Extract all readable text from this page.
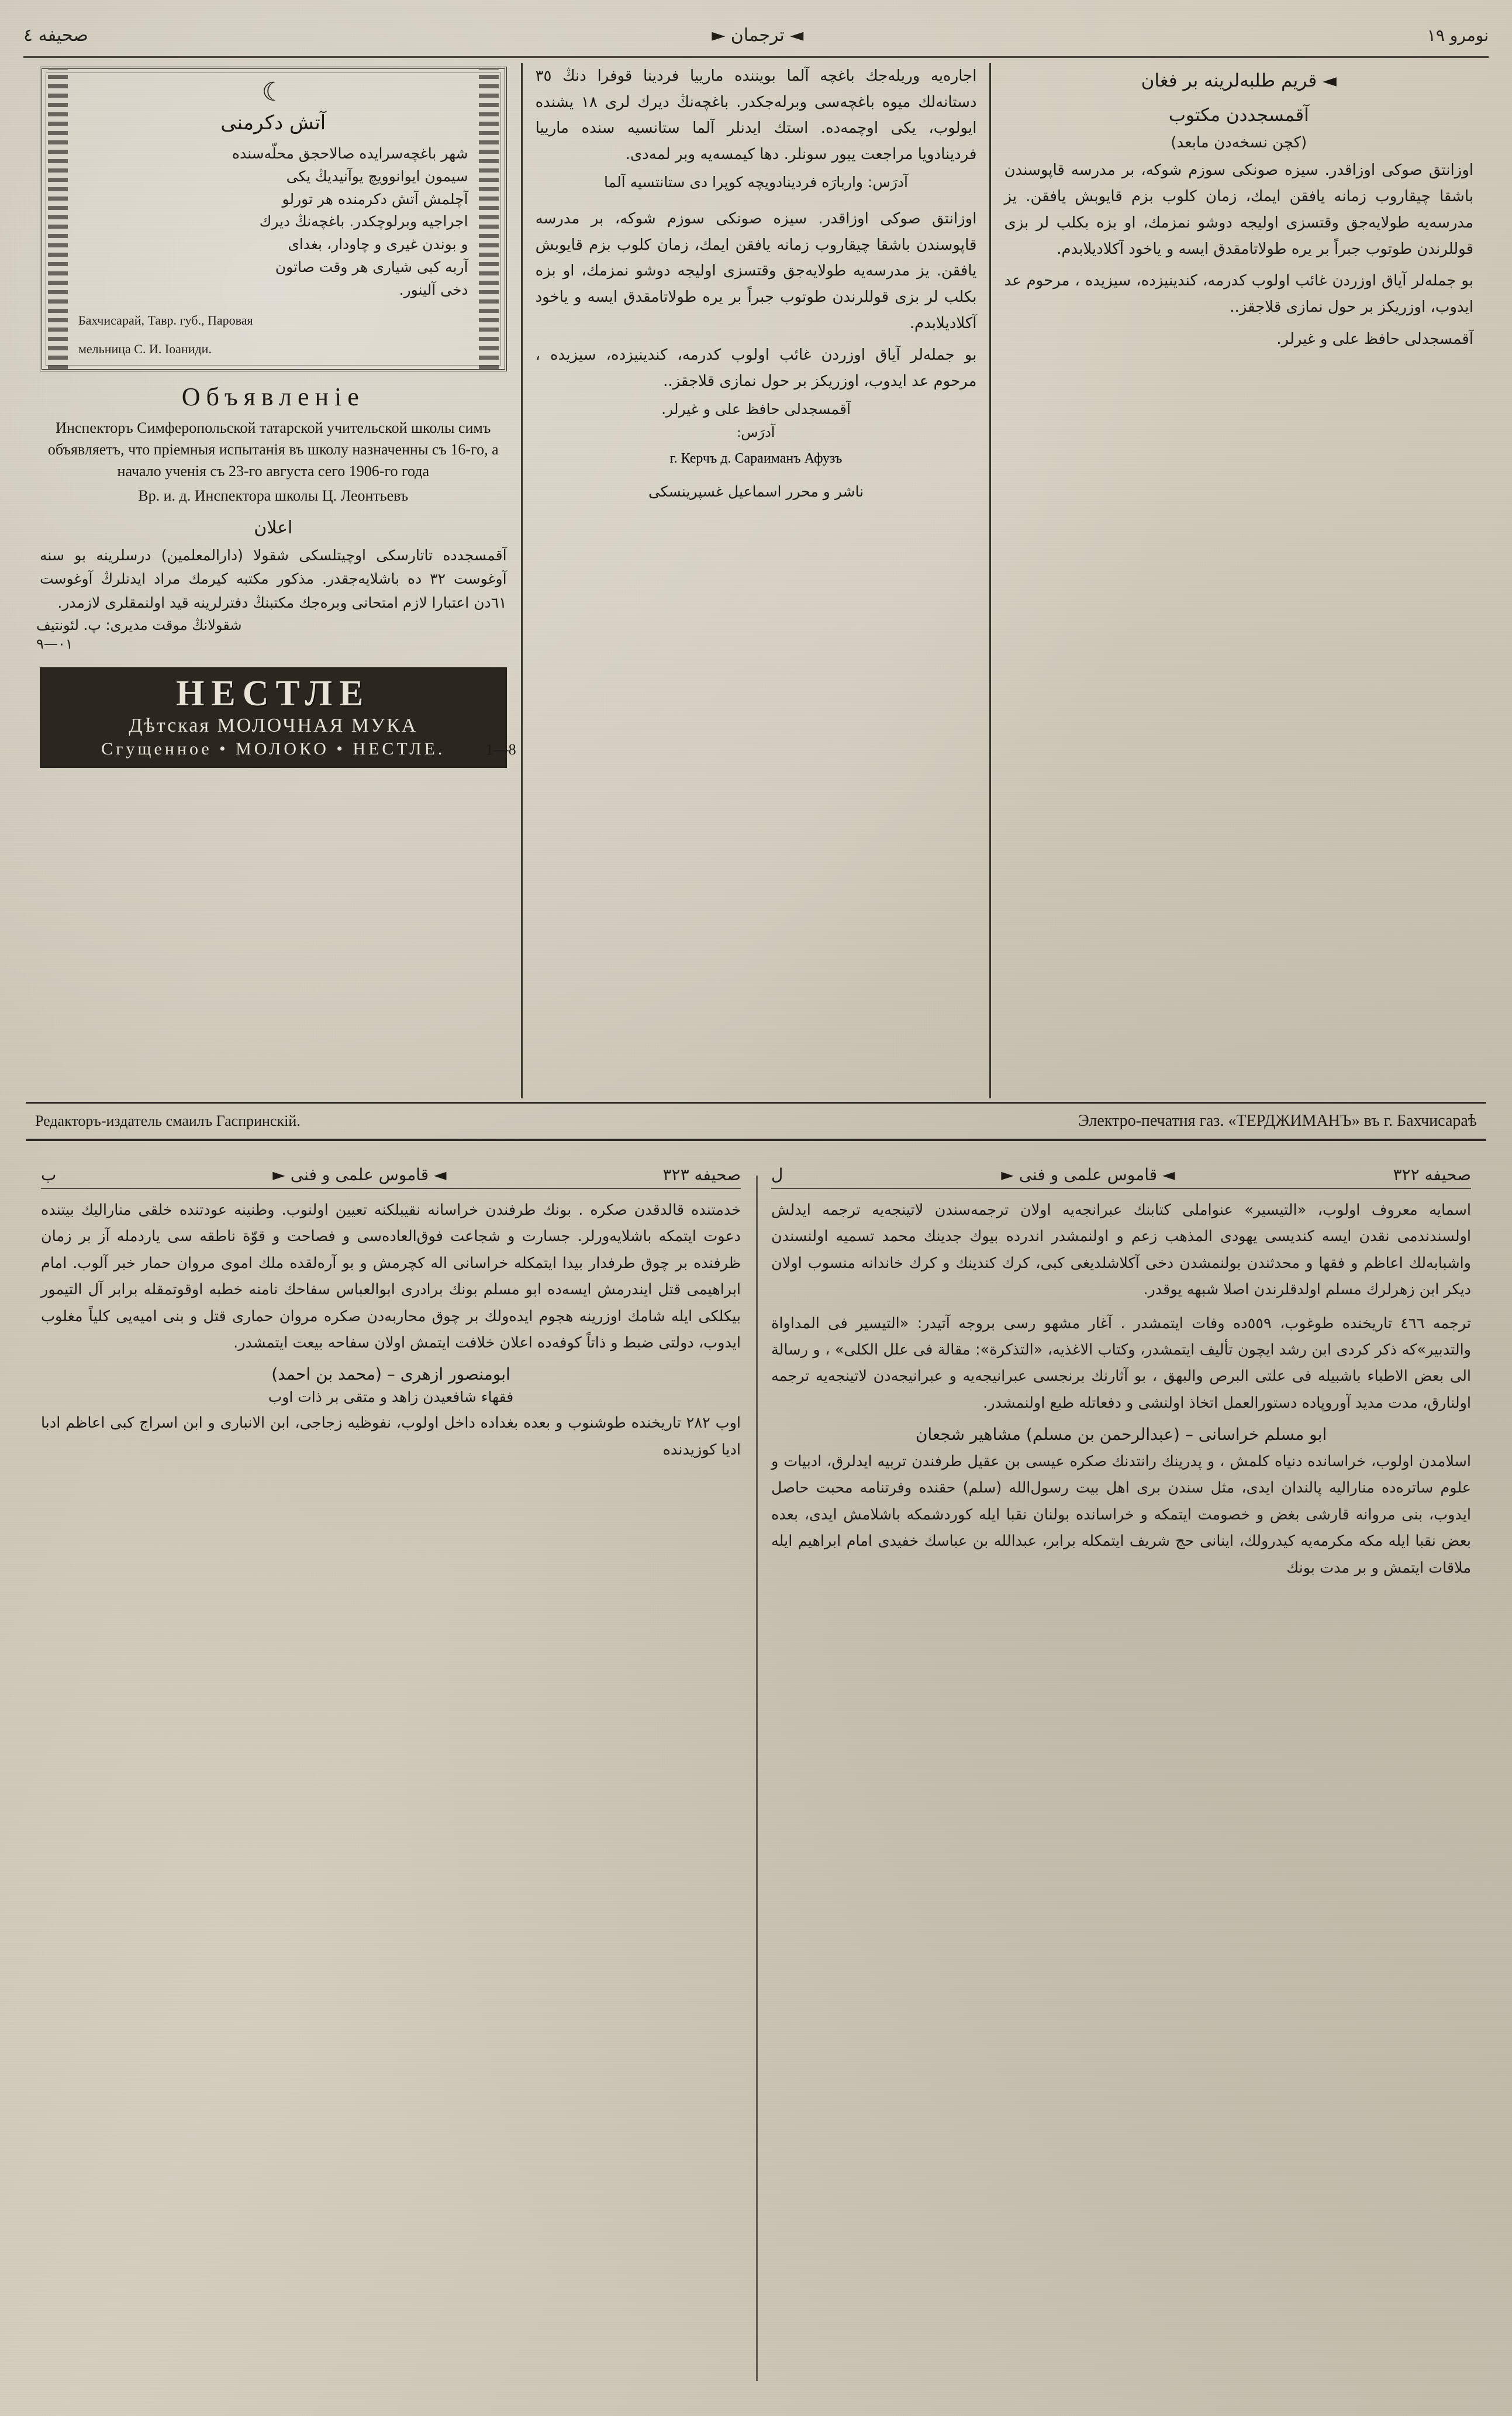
نومرو ٩١
◄ ترجمان ►
صحيفه ٤
☾
آتش دكرمنى
شهر باغچه‌سرايده صالاحجق محلّه‌سنده
سيمون ايوانوويچ يوآنيديڭ يكى
آچلمش آتش دكرمنده هر تورلو
اجراجيه وبرلوچكدر. باغچه‌نڭ دیرك
و بوندن غيرى و چاودار، بغداى
آربه كبى شيارى هر وقت صاتون
دخى آلينور.
Бахчисарай, Тавр. губ., Паровая
мельница С. И. Іоаниди.
Объявленіе
Инспекторъ Симферопольской татарской учительской школы симъ объявляетъ, что пріемныя испытанія въ школу назначенны съ 16-го, а начало ученія съ 23-го августа сего 1906-го года
Вр. и. д. Инспектора школы Ц. Леонтьевъ
اعلان
آقمسجدده تاتارسكى اوچيتلسكى شقولا (دارالمعلمين) درسلرينه بو سنه آوغوست ٢٣ ده باشلايه‌جقدر. مذكور مكتبه كيرمك مراد ايدنلرڭ آوغوست ١٦دن اعتبارا لازم امتحانى وبره‌جك مكتبنڭ دفترلرينه قيد اولنمقلرى لازمدر.
شقولانڭ موقت مديرى: پ. لئونتيف
١٠—٩
НЕСТЛЕ
Дѣтская МОЛОЧНАЯ МУКА
Сгущенное • МОЛОКО • НЕСТЛЕ.	1—8

اجاره‌يه وريله‌جك باغچه آلما بويننده مارييا فردينا قوفرا دنڭ ٣٥ دستانه‌لك ميوه باغچه‌سى وبرله‌جكدر. باغچه‌نڭ ديرك لرى ١٨ يشنده ايولوب، يكى اوچمه‌ده. استك ايدنلر آلما ستانسيه سنده مارييا فردينادويا مراجعت يبور سونلر. دها كيمسه‌يه وبر لمه‌دى.

آدرَس: واربارَه فردينادويچه كوپرا دى ستانتسيه آلما

اوزانتق صوكى اوزاقدر. سيزه صونكى سوزم شوكه، بر مدرسه قاپوسندن باشقا چيقاروب زمانه يافقن ايمك، زمان كلوب بزم قايوبش يافقن. يز مدرسه‌يه طولايه‌جق وقتسزى اوليجه دوشو نمزمك، او بزه بكلب لر بزى قوللرندن طوتوب جبراً بر يره طولاتامقدق ايسه و يا‌خود آكلاديلابدم.

بو جمله‌لر آياق اوزردن غائب اولوب كدرمه، كندينيزده، سيزيده ، مرحوم عد ايدوب، اوزريكز بر حول نمازى قلاجقز..

آقمسجدلى حافظ على و غيرلر.
آدرَس:
г. Керчъ д. Сараиманъ Афузъ
ناشر و محرر اسماعيل غسپرينسكى
◄ قريم طلبه‌لرينه بر فغان
آقمسجددن مكتوب
(كچن نسخه‌دن مابعد)

اوزانتق صوكى اوزاقدر. سيزه صونكى سوزم شوكه، بر مدرسه قاپوسندن باشقا چيقاروب زمانه يافقن ايمك، زمان كلوب بزم قايوبش يافقن. يز مدرسه‌يه طولايه‌جق وقتسزى اوليجه دوشو نمزمك، او بزه بكلب لر بزى قوللرندن طوتوب جبراً بر يره طولاتامقدق ايسه و يا‌خود آكلاديلابدم.

بو جمله‌لر آياق اوزردن غائب اولوب كدرمه، كندينيزده، سيزيده ، مرحوم عد ايدوب، اوزريكز بر حول نمازى قلاجقز..

آقمسجدلى حافظ على و غيرلر.

Редакторъ-издатель смаилъ Гаспринскій.	Электро-печатня газ. «ТЕРДЖИМАНЪ» въ г. Бахчисараѣ
صحيفه ٣٢٣
◄ قاموس علمى و فنى ►
ب

خدمتنده قالدقدن صكره . بونك طرفندن خراسانه نقيبلكنه تعيين اولنوب. وطنينه عودتنده خلقى مناراليك بيتنده دعوت ايتمكه باشلايه‌ورلر. جسارت و شجاعت فوق‌العاده‌سى و فصاحت و قوّة ناطقه سى ياردمله آز بر زمان ظرفنده بر چوق طرفدار بيدا ايتمكله خراسانى اله كچرمش و بو آره‌لقده ملك اموى مروان حمار خبر آلوب. امام ابراهيمى قتل ايندرمش ايسه‌ده ابو مسلم بونك برادرى ابوالعباس سفاحك نامنه خطبه اوقوتمقله برابر آل التيمور بيكلكى ايله شامك اوزرينه هجوم ايده‌ولك بر چوق محاربه‌دن صكره مروان حمارى قتل و بنى اميه‌يى كلياً مغلوب ايدوب، دولتى ضبط و ذاتاً كوفه‌ده اعلان خلافت ايتمش اولان سفاحه بيعت ايتمشدر.

ابومنصور ازهرى – (محمد بن احمد)
فقهاء شافعيدن زاهد و متقى بر ذات اوب

اوب ٢٨٢ تاريخنده طوشنوب و بعده بغداده داخل اولوب، نفوظيه زجاجى، ابن الانبارى و ابن اسراج كبى اعاظم ادبا اديا كوزيدنده

صحيفه ٣٢٢
◄ قاموس علمى و فنى ►
ل

اسمايه معروف اولوب، «التيسير» عنواملى كتابنك عبرانجه‌يه اولان ترجمه‌سندن لاتينجه‌يه ترجمه ايدلش اولسندندمى نقدن ايسه كنديسى يهودى المذهب زعم و اولنمشدر اندرده بيوك جدينك محمد تسميه اولنسندن واشبابه‌لك اعاظم و فقها و محدثندن بولنمشدن دخى آكلاشلديغى كبى، كرك كندينك و كرك خاندانه منسوب اولان ديكر ابن زهرلرك مسلم اولدقلرندن اصلا شبهه يوقدر.

ترجمه ٤٦٦ تاريخنده طوغوب، ٥٥٩ده وفات ايتمشدر . آغار مشهو رسى بروجه آتيدر: «التيسير فى المداواة والتدبير»كه ذكر كردى ابن رشد ايچون تأليف ايتمشدر، وكتاب الاغذيه، «التذكرة»: مقالة فى علل الكلى» ، و رسالة الى بعض الاطباء باشبيله فى علتى البرص والبهق ، بو آثارنك برنجسى عبرانيجه‌يه و عبرانيجه‌دن لاتينجه‌يه ترجمه اولنارق، مدت مديد آوروپاده دستورالعمل اتخاذ اولنشى و دفعاتله طبع اولنمشدر.

ابو مسلم خراسانى – (عبدالرحمن بن مسلم) مشاهير شجعان

اسلامدن اولوب، خراسانده دنياه كلمش ، و پدرينك رانتدنك صكره عيسى بن عقيل طرفندن تربيه ايدلرق، ادبيات و علوم ساتره‌ده مناراليه پالندان ايدى، مثل سندن برى اهل بيت رسول‌الله (سلم) حقنده وفرتنامه محبت حاصل ايدوب، بنى مروانه قارشى بغض و خصومت ايتمكه و خراسانده بولنان نقبا ايله كوردشمكه باشلامش ايدى، بعده بعض نقبا ايله مكه مكرمه‌يه كيدرولك، اينانى حج شريف ايتمكله برابر، عبدالله بن عباسك خفيدى امام ابراهيم ايله ملاقات ايتمش و بر مدت بونك
